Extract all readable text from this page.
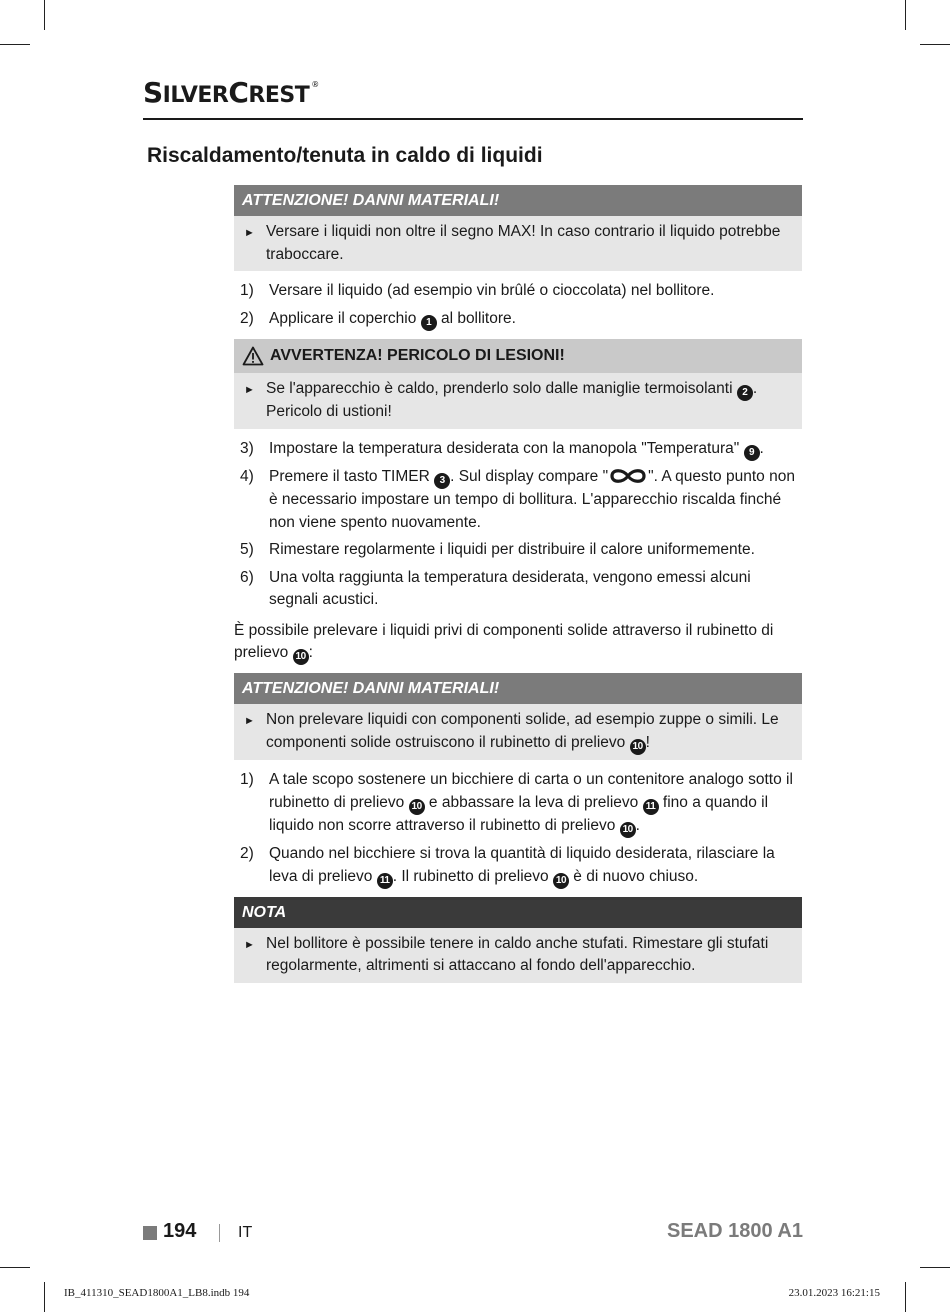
SILVERCREST ®
Riscaldamento/tenuta in caldo di liquidi
ATTENZIONE! DANNI MATERIALI!
► Versare i liquidi non oltre il segno MAX! In caso contrario il liquido potrebbe traboccare.
1) Versare il liquido (ad esempio vin brûlé o cioccolata) nel bollitore.
2) Applicare il coperchio 1 al bollitore.
AVVERTENZA! PERICOLO DI LESIONI!
► Se l'apparecchio è caldo, prenderlo solo dalle maniglie termoisolanti 2 . Pericolo di ustioni!
3) Impostare la temperatura desiderata con la manopola "Temperatura" 9 .
4) Premere il tasto TIMER 3 . Sul display compare "	". A questo punto non è necessario impostare un tempo di bollitura. L'apparecchio riscalda finché non viene spento nuovamente.
5) Rimestare regolarmente i liquidi per distribuire il calore uniformemente.
6) Una volta raggiunta la temperatura desiderata, vengono emessi alcuni segnali acustici.

È possibile prelevare i liquidi privi di componenti solide attraverso il rubinetto di prelievo 10 :

ATTENZIONE! DANNI MATERIALI!
► Non prelevare liquidi con componenti solide, ad esempio zuppe o simili. Le componenti solide ostruiscono il rubinetto di prelievo 10 !
1) A tale scopo sostenere un bicchiere di carta o un contenitore analogo sotto il rubinetto di prelievo 10 e abbassare la leva di prelievo 11 fino a quando il liquido non scorre attraverso il rubinetto di prelievo 10 .
2) Quando nel bicchiere si trova la quantità di liquido desiderata, rilasciare la leva di prelievo 11 . Il rubinetto di prelievo 10 è di nuovo chiuso.
NOTA
► Nel bollitore è possibile tenere in caldo anche stufati. Rimestare gli stufati regolarmente, altrimenti si attaccano al fondo dell'apparecchio.
194	IT	SEAD 1800 A1
IB_411310_SEAD1800A1_LB8.indb 194	23.01.2023 16:21:15
